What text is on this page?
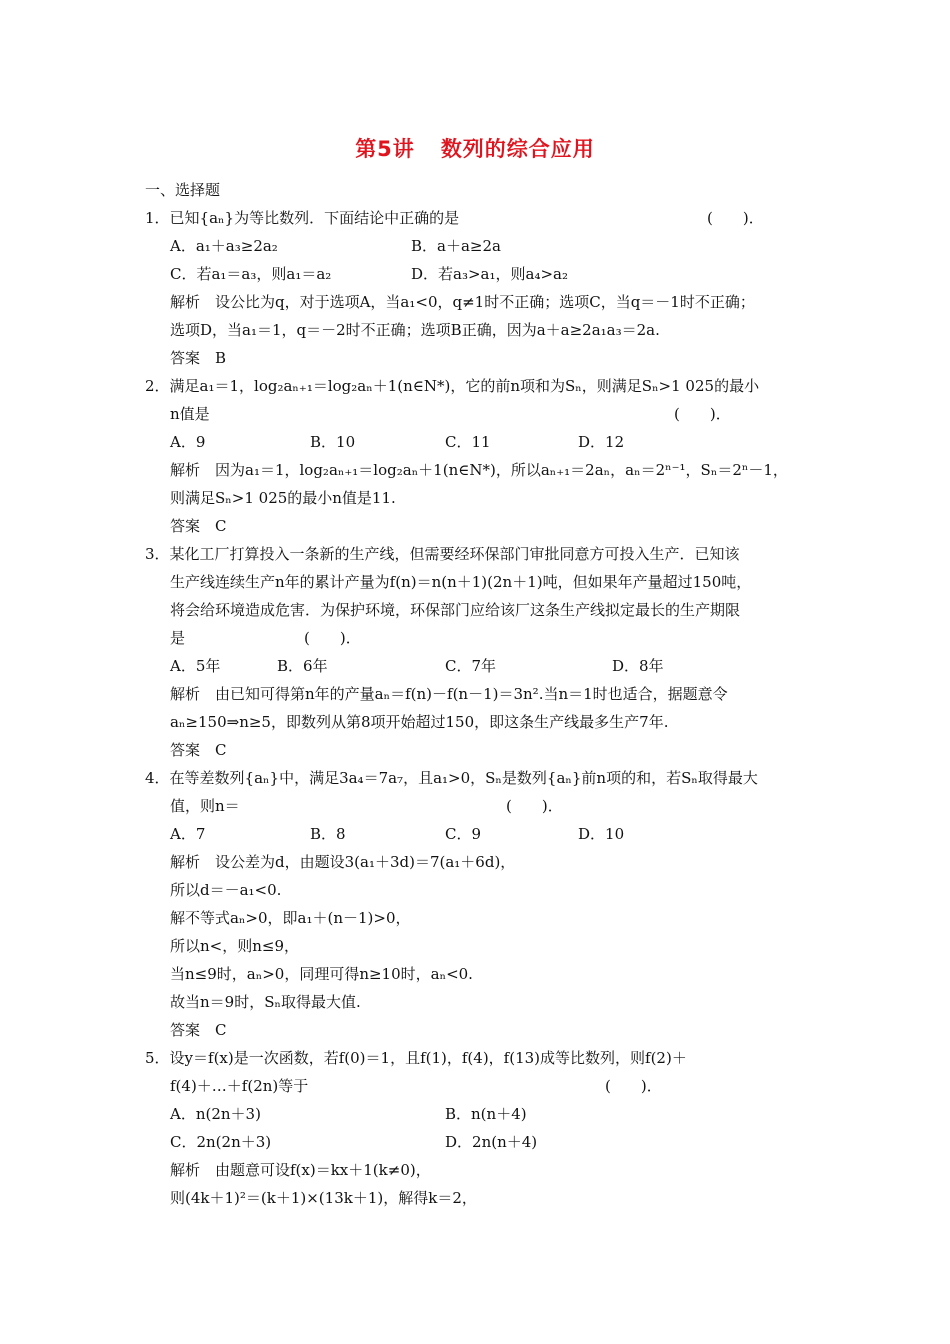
第5讲 数列的综合应用
一、选择题
1．已知{aₙ}为等比数列．下面结论中正确的是	(　　)．
A．a₁＋a₃≥2a₂	B．a＋a≥2a
C．若a₁＝a₃，则a₁＝a₂	D．若a₃>a₁，则a₄>a₂
解析　设公比为q，对于选项A，当a₁<0，q≠1时不正确；选项C，当q＝－1时不正确；
选项D，当a₁＝1，q＝－2时不正确；选项B正确，因为a＋a≥2a₁a₃＝2a.
答案　B
2．满足a₁＝1，log₂aₙ₊₁＝log₂aₙ＋1(n∈N*)，它的前n项和为Sₙ，则满足Sₙ>1 025的最小
n值是	(　　)．
A．9	B．10	C．11	D．12
解析　因为a₁＝1，log₂aₙ₊₁＝log₂aₙ＋1(n∈N*)，所以aₙ₊₁＝2aₙ，aₙ＝2ⁿ⁻¹，Sₙ＝2ⁿ－1，
则满足Sₙ>1 025的最小n值是11.
答案　C
3．某化工厂打算投入一条新的生产线，但需要经环保部门审批同意方可投入生产．已知该
生产线连续生产n年的累计产量为f(n)＝n(n＋1)(2n＋1)吨，但如果年产量超过150吨，
将会给环境造成危害．为保护环境，环保部门应给该厂这条生产线拟定最长的生产期限
是	(　　)．
A．5年	B．6年	C．7年	D．8年
解析　由已知可得第n年的产量aₙ＝f(n)－f(n－1)＝3n².当n＝1时也适合，据题意令
aₙ≥150⇒n≥5，即数列从第8项开始超过150，即这条生产线最多生产7年.
答案　C
4．在等差数列{aₙ}中，满足3a₄＝7a₇，且a₁>0，Sₙ是数列{aₙ}前n项的和，若Sₙ取得最大
值，则n＝	(　　)．
A．7	B．8	C．9	D．10
解析　设公差为d，由题设3(a₁＋3d)＝7(a₁＋6d)，
所以d＝－a₁<0.
解不等式aₙ>0，即a₁＋(n－1)>0，
所以n<，则n≤9，
当n≤9时，aₙ>0，同理可得n≥10时，aₙ<0.
故当n＝9时，Sₙ取得最大值.
答案　C
5．设y＝f(x)是一次函数，若f(0)＝1，且f(1)，f(4)，f(13)成等比数列，则f(2)＋
f(4)＋…＋f(2n)等于	(　　)．
A．n(2n＋3)	B．n(n＋4)
C．2n(2n＋3)	D．2n(n＋4)
解析　由题意可设f(x)＝kx＋1(k≠0)，
则(4k＋1)²＝(k＋1)×(13k＋1)，解得k＝2，
